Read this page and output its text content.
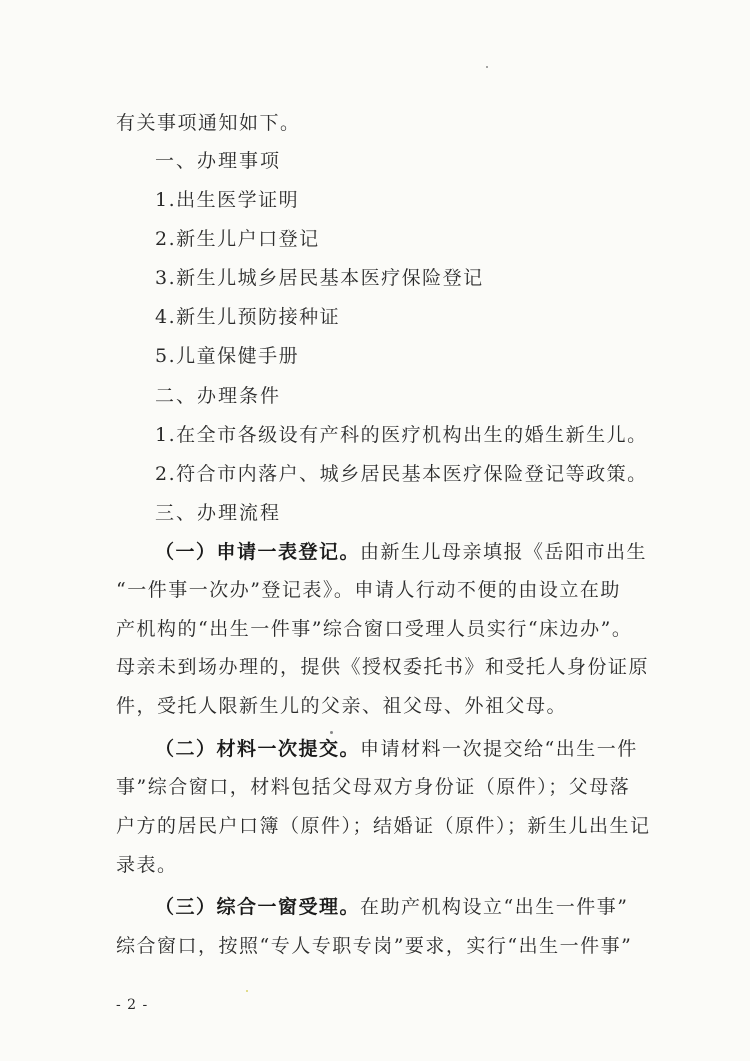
有关事项通知如下。
一、办理事项
1.出生医学证明
2.新生儿户口登记
3.新生儿城乡居民基本医疗保险登记
4.新生儿预防接种证
5.儿童保健手册
二、办理条件
1.在全市各级设有产科的医疗机构出生的婚生新生儿。
2.符合市内落户、城乡居民基本医疗保险登记等政策。
三、办理流程
（一）申请一表登记。由新生儿母亲填报《岳阳市出生
“一件事一次办”登记表》。申请人行动不便的由设立在助
产机构的“出生一件事”综合窗口受理人员实行“床边办”。
母亲未到场办理的，提供《授权委托书》和受托人身份证原
件，受托人限新生儿的父亲、祖父母、外祖父母。
（二）材料一次提交。申请材料一次提交给“出生一件
事”综合窗口，材料包括父母双方身份证（原件）；父母落
户方的居民户口簿（原件）；结婚证（原件）；新生儿出生记
录表。
（三）综合一窗受理。在助产机构设立“出生一件事”
综合窗口，按照“专人专职专岗”要求，实行“出生一件事”
- 2 -
